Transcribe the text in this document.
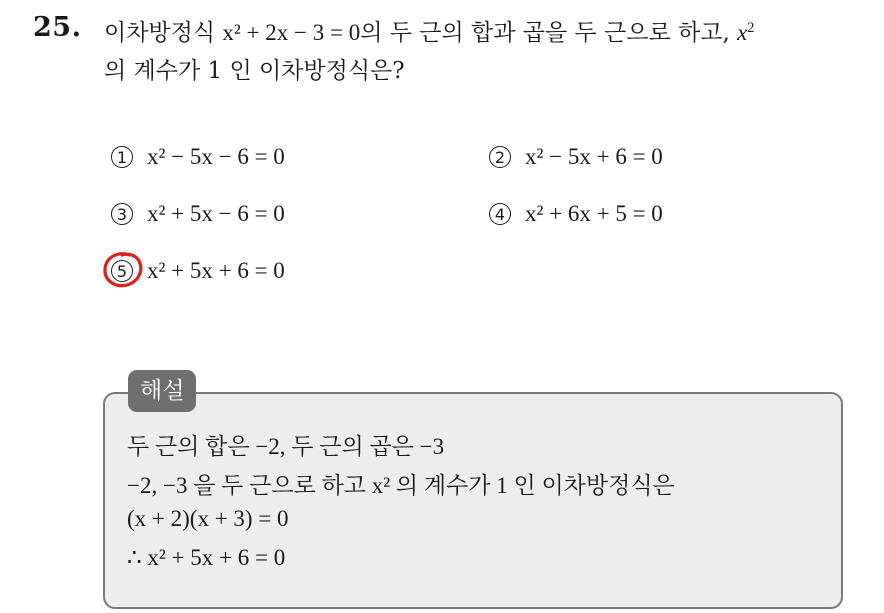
25. 이차방정식 x² + 2x − 3 = 0의 두 근의 합과 곱을 두 근으로 하고, $x^2$
의 계수가 1 인 이차방정식은?
1 x² − 5x − 6 = 0	2 x² − 5x + 6 = 0
3 x² + 5x − 6 = 0	4 x² + 6x + 5 = 0
5 x² + 5x + 6 = 0
해설
두 근의 합은 −2, 두 근의 곱은 −3
−2, −3 을 두 근으로 하고 x² 의 계수가 1 인 이차방정식은
(x + 2)(x + 3) = 0
∴ x² + 5x + 6 = 0
